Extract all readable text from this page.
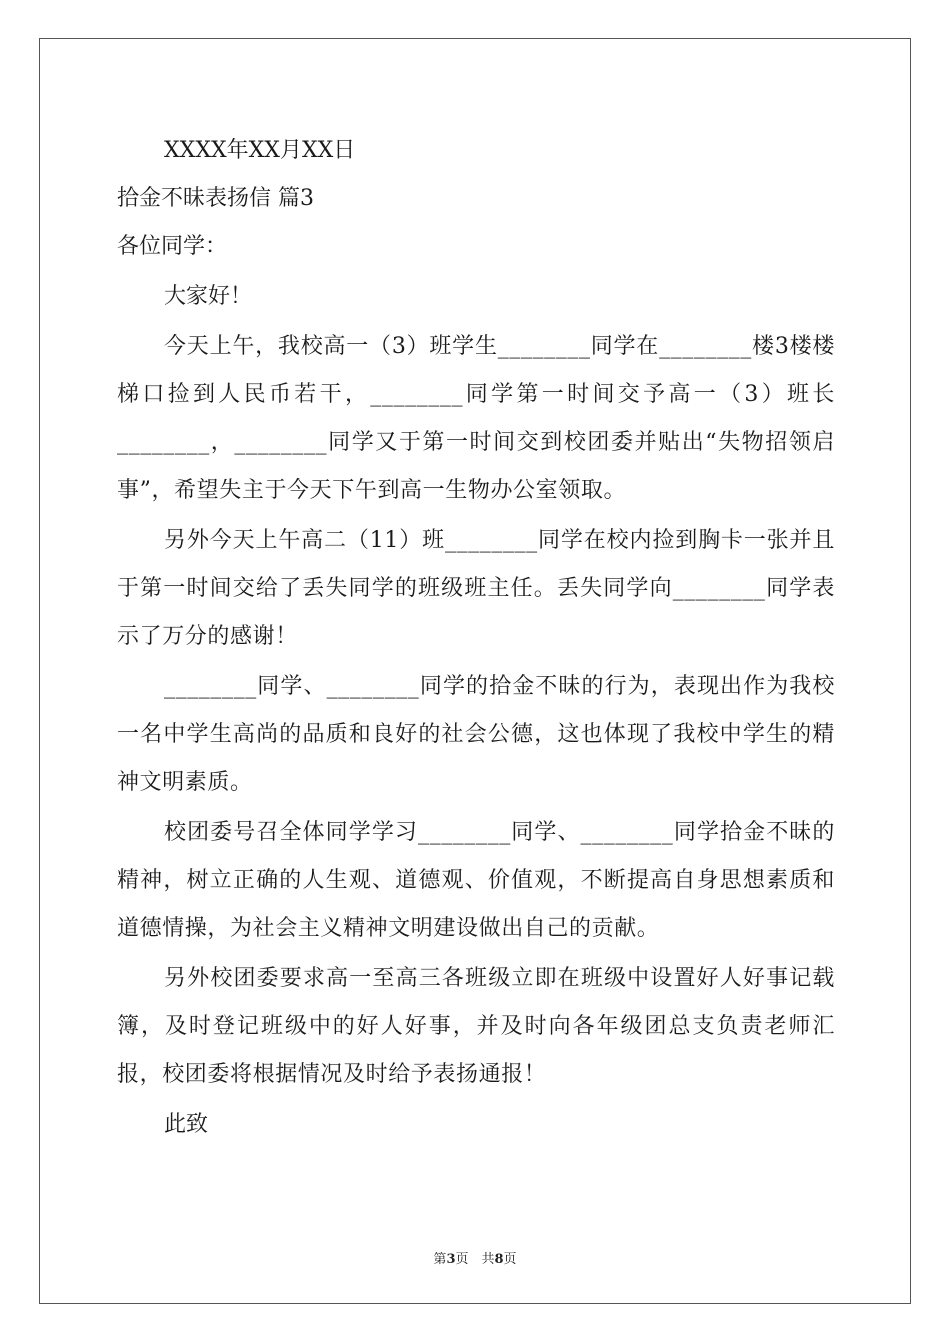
XXXX年XX月XX日
拾金不昧表扬信 篇3
各位同学：
大家好！
今天上午，我校高一（3）班学生________同学在________楼3楼楼梯口捡到人民币若干，________同学第一时间交予高一（3）班长________，________同学又于第一时间交到校团委并贴出“失物招领启事”，希望失主于今天下午到高一生物办公室领取。
另外今天上午高二（11）班________同学在校内捡到胸卡一张并且于第一时间交给了丢失同学的班级班主任。丢失同学向________同学表示了万分的感谢！
________同学、________同学的拾金不昧的行为，表现出作为我校一名中学生高尚的品质和良好的社会公德，这也体现了我校中学生的精神文明素质。
校团委号召全体同学学习________同学、________同学拾金不昧的精神，树立正确的人生观、道德观、价值观，不断提高自身思想素质和道德情操，为社会主义精神文明建设做出自己的贡献。
另外校团委要求高一至高三各班级立即在班级中设置好人好事记载簿，及时登记班级中的好人好事，并及时向各年级团总支负责老师汇报，校团委将根据情况及时给予表扬通报！
此致
第3页　共8页
